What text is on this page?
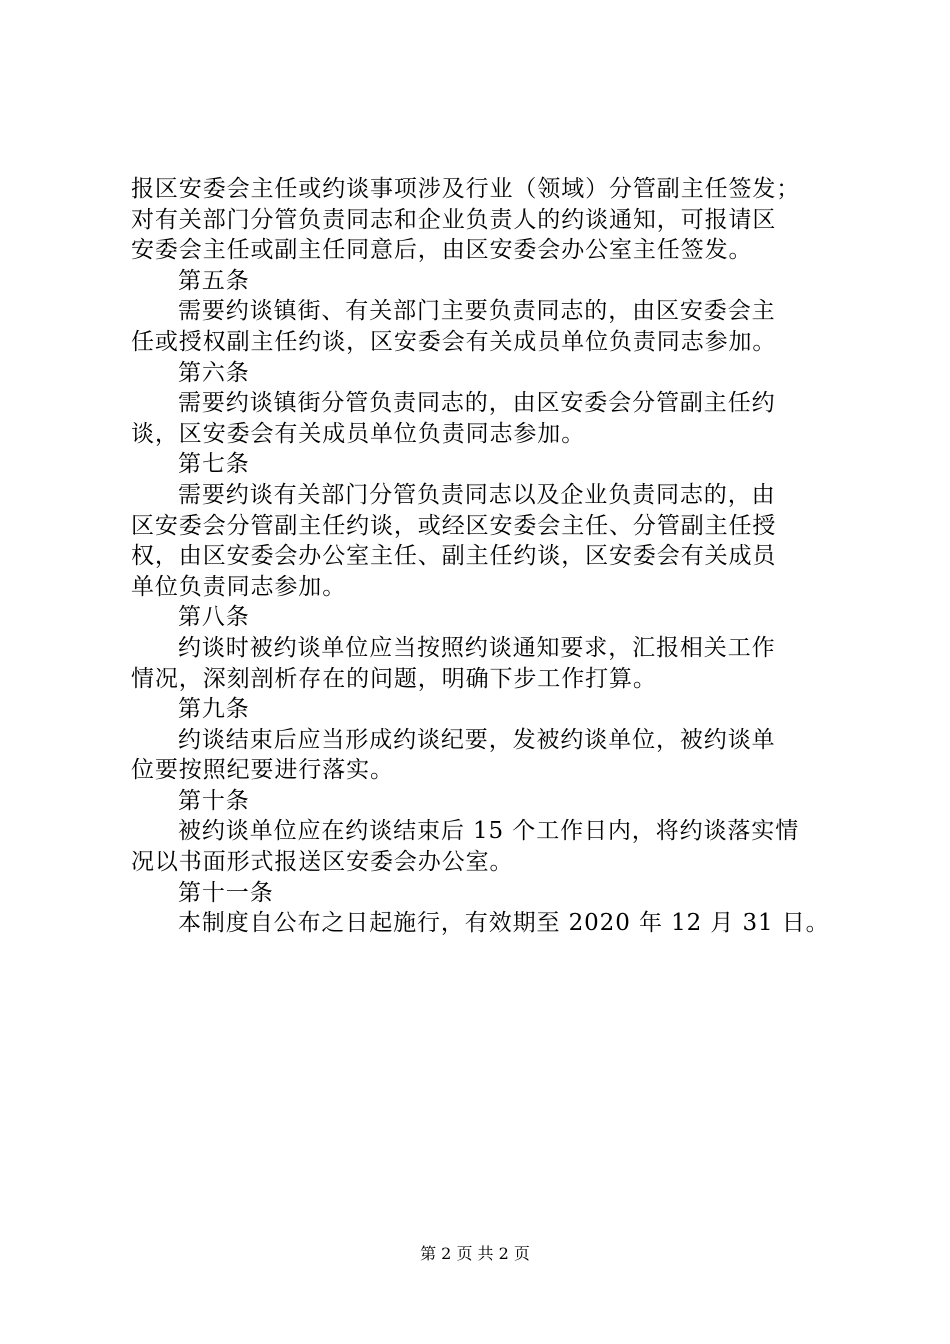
报区安委会主任或约谈事项涉及行业（领域）分管副主任签发；
对有关部门分管负责同志和企业负责人的约谈通知，可报请区
安委会主任或副主任同意后，由区安委会办公室主任签发。
第五条
需要约谈镇街、有关部门主要负责同志的，由区安委会主
任或授权副主任约谈，区安委会有关成员单位负责同志参加。
第六条
需要约谈镇街分管负责同志的，由区安委会分管副主任约
谈，区安委会有关成员单位负责同志参加。
第七条
需要约谈有关部门分管负责同志以及企业负责同志的，由
区安委会分管副主任约谈，或经区安委会主任、分管副主任授
权，由区安委会办公室主任、副主任约谈，区安委会有关成员
单位负责同志参加。
第八条
约谈时被约谈单位应当按照约谈通知要求，汇报相关工作
情况，深刻剖析存在的问题，明确下步工作打算。
第九条
约谈结束后应当形成约谈纪要，发被约谈单位，被约谈单
位要按照纪要进行落实。
第十条
被约谈单位应在约谈结束后 15 个工作日内，将约谈落实情
况以书面形式报送区安委会办公室。
第十一条
本制度自公布之日起施行，有效期至 2020 年 12 月 31 日。
第 2 页 共 2 页
